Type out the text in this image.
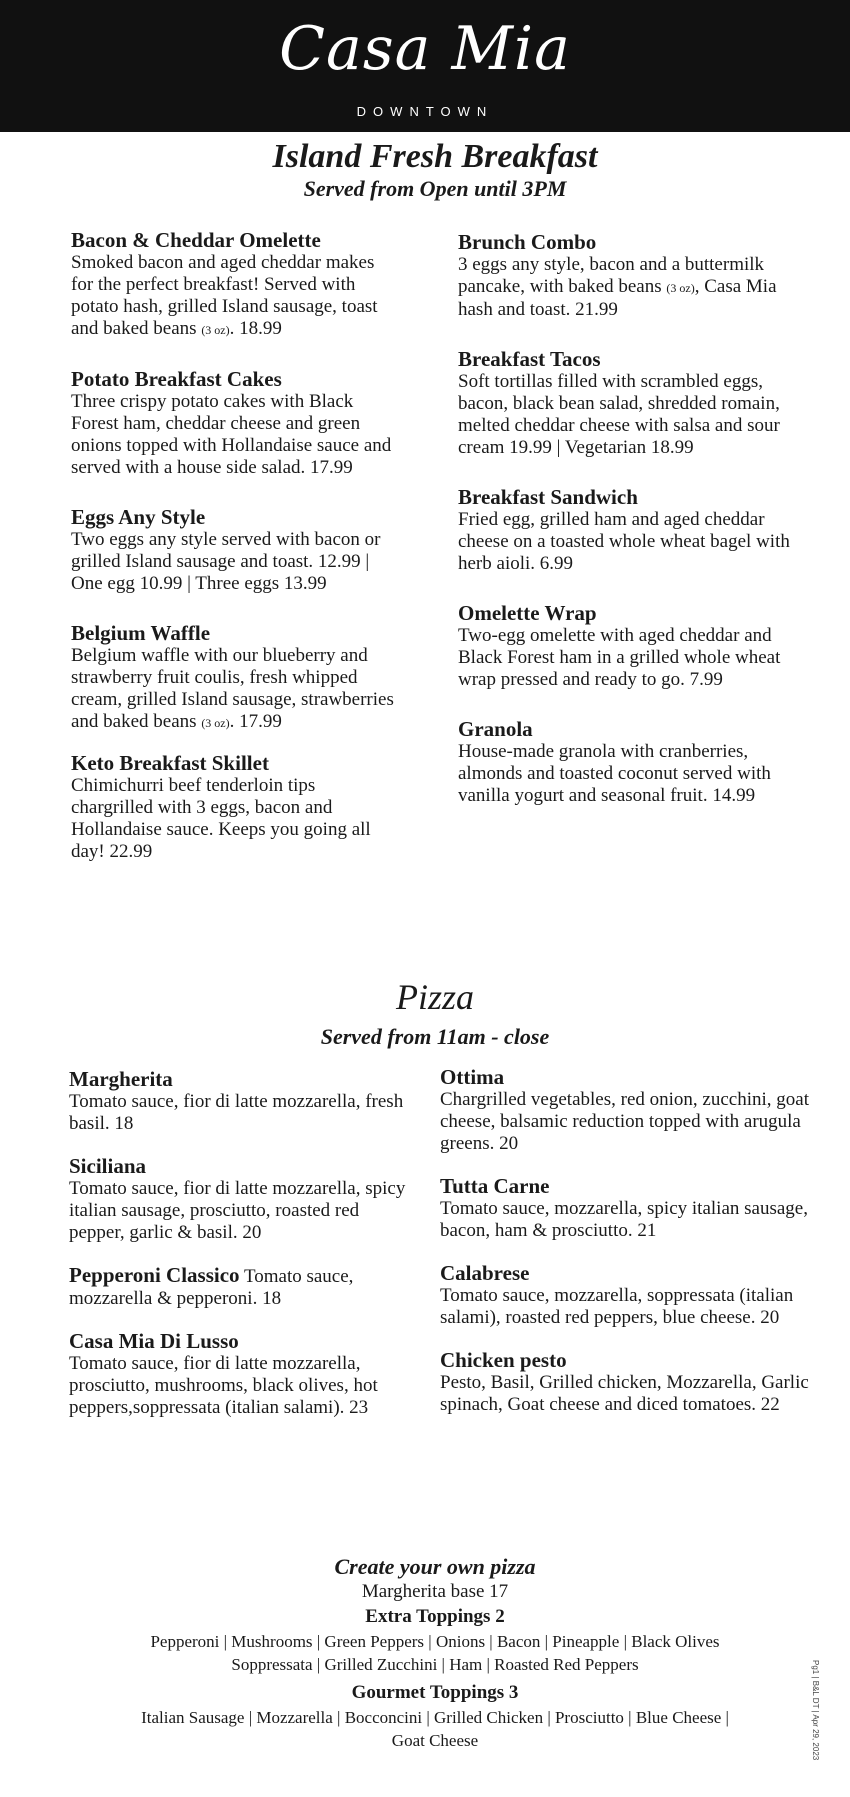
Casa Mia
DOWNTOWN
Island Fresh Breakfast
Served from Open until 3PM
Bacon & Cheddar Omelette
Smoked bacon and aged cheddar makes for the perfect breakfast! Served with potato hash, grilled Island sausage, toast and baked beans (3 oz). 18.99
Potato Breakfast Cakes
Three crispy potato cakes with Black Forest ham, cheddar cheese and green onions topped with Hollandaise sauce and served with a house side salad. 17.99
Eggs Any Style
Two eggs any style served with bacon or grilled Island sausage and toast. 12.99 | One egg 10.99 | Three eggs 13.99
Belgium Waffle
Belgium waffle with our blueberry and strawberry fruit coulis, fresh whipped cream, grilled Island sausage, strawberries and baked beans (3 oz). 17.99
Keto Breakfast Skillet
Chimichurri beef tenderloin tips chargrilled with 3 eggs, bacon and Hollandaise sauce. Keeps you going all day! 22.99
Brunch Combo
3 eggs any style, bacon and a buttermilk pancake, with baked beans (3 oz), Casa Mia hash and toast. 21.99
Breakfast Tacos
Soft tortillas filled with scrambled eggs, bacon, black bean salad, shredded romain, melted cheddar cheese with salsa and sour cream 19.99 | Vegetarian 18.99
Breakfast Sandwich
Fried egg, grilled ham and aged cheddar cheese on a toasted whole wheat bagel with herb aioli. 6.99
Omelette Wrap
Two-egg omelette with aged cheddar and Black Forest ham in a grilled whole wheat wrap pressed and ready to go. 7.99
Granola
House-made granola with cranberries, almonds and toasted coconut served with vanilla yogurt and seasonal fruit. 14.99
Pizza
Served from 11am - close
Margherita
Tomato sauce, fior di latte mozzarella, fresh basil. 18
Siciliana
Tomato sauce, fior di latte mozzarella, spicy italian sausage, prosciutto, roasted red pepper, garlic & basil. 20
Pepperoni Classico Tomato sauce, mozzarella & pepperoni. 18
Casa Mia Di Lusso
Tomato sauce, fior di latte mozzarella, prosciutto, mushrooms, black olives, hot peppers,soppressata (italian salami). 23
Ottima
Chargrilled vegetables, red onion, zucchini, goat cheese, balsamic reduction topped with arugula greens. 20
Tutta Carne
Tomato sauce, mozzarella, spicy italian sausage, bacon, ham & prosciutto. 21
Calabrese
Tomato sauce, mozzarella, soppressata (italian salami), roasted red peppers, blue cheese. 20
Chicken pesto
Pesto, Basil, Grilled chicken, Mozzarella, Garlic spinach, Goat cheese and diced tomatoes. 22
Create your own pizza
Margherita base 17
Extra Toppings 2
Pepperoni | Mushrooms | Green Peppers | Onions | Bacon | Pineapple | Black Olives
Soppressata | Grilled Zucchini | Ham | Roasted Red Peppers
Gourmet Toppings 3
Italian Sausage | Mozzarella | Bocconcini | Grilled Chicken | Prosciutto | Blue Cheese |
Goat Cheese	Pg1 | B&L DT | Apr 29, 2023
